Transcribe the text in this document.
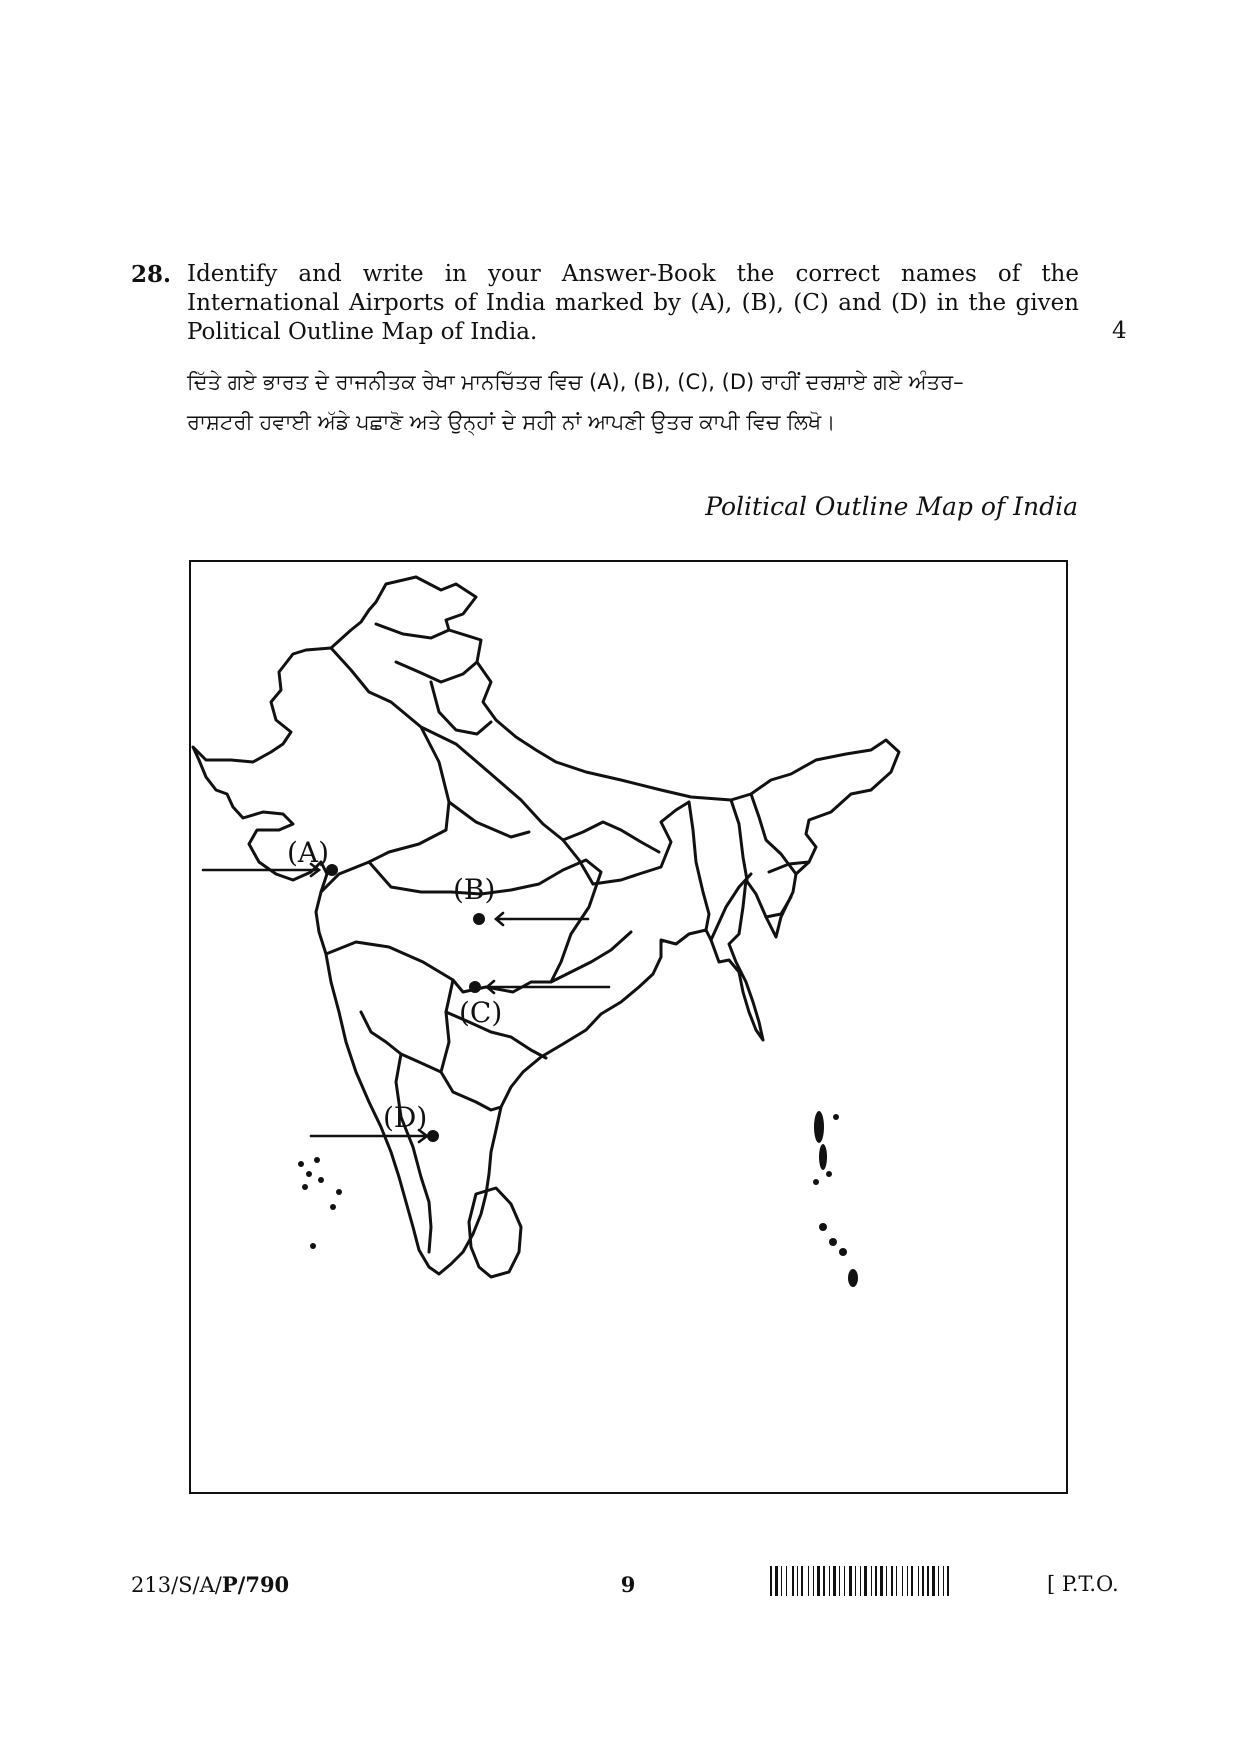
28. Identify and write in your Answer-Book the correct names of the International Airports of India marked by (A), (B), (C) and (D) in the given Political Outline Map of India.	4
ਦਿੱਤੇ ਗਏ ਭਾਰਤ ਦੇ ਰਾਜਨੀਤਕ ਰੇਖਾ ਮਾਨਚਿੱਤਰ ਵਿਚ (A), (B), (C), (D) ਰਾਹੀਂ ਦਰਸ਼ਾਏ ਗਏ ਅੰਤਰ–
ਰਾਸ਼ਟਰੀ ਹਵਾਈ ਅੱਡੇ ਪਛਾਣੋ ਅਤੇ ਉਨ੍ਹਾਂ ਦੇ ਸਹੀ ਨਾਂ ਆਪਣੀ ਉਤਰ ਕਾਪੀ ਵਿਚ ਲਿਖੋ।
Political Outline Map of India
(A)
(B)
(C)
(D)
213/S/A/P/790	9	[ P.T.O.
